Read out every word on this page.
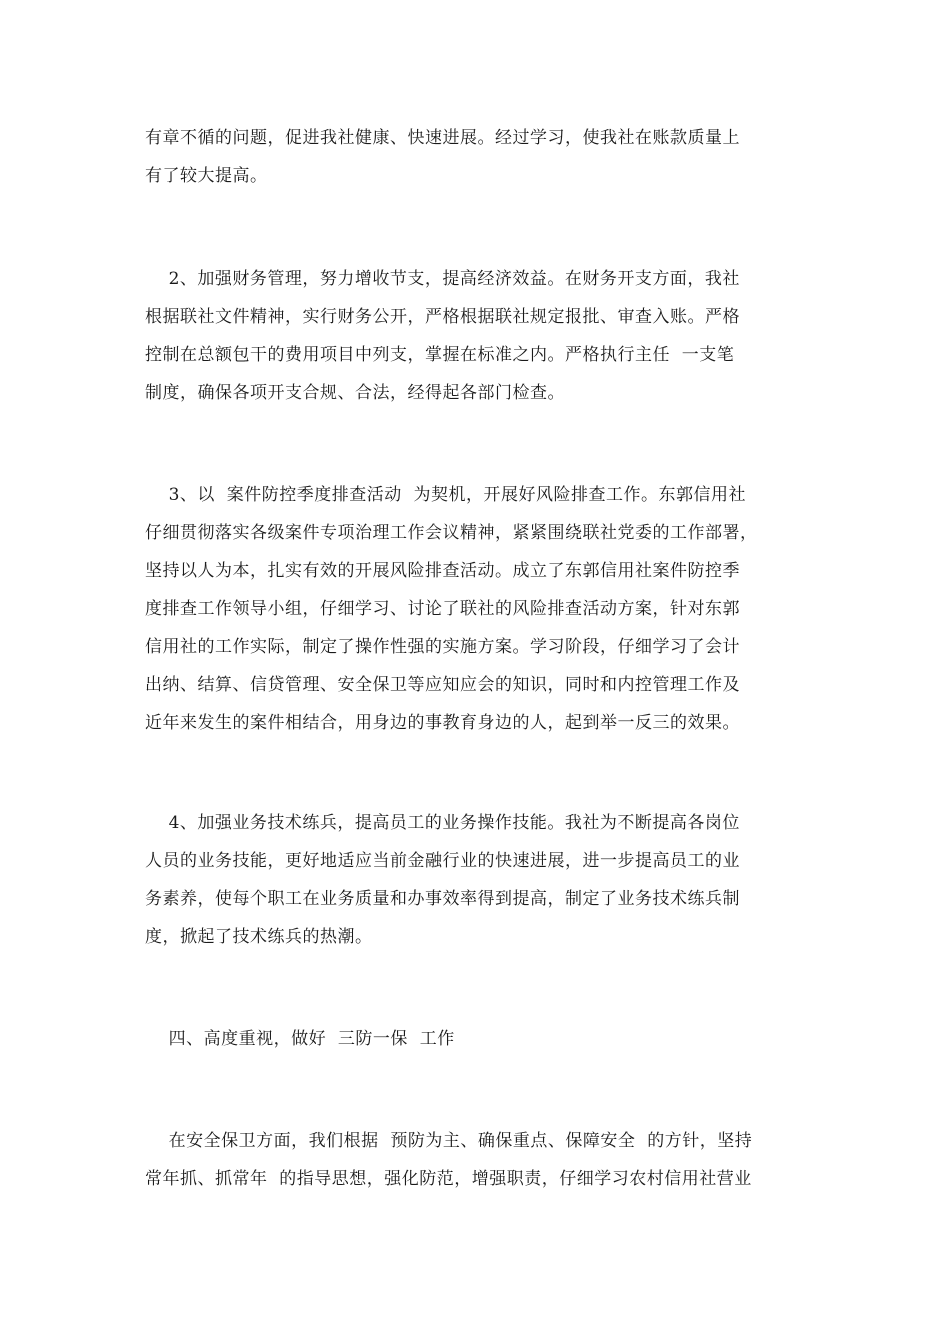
有章不循的问题，促进我社健康、快速进展。经过学习，使我社在账款质量上
有了较大提高。
2、加强财务管理，努力增收节支，提高经济效益。在财务开支方面，我社
根据联社文件精神，实行财务公开，严格根据联社规定报批、审查入账。严格
控制在总额包干的费用项目中列支，掌握在标准之内。严格执行主任  一支笔
制度，确保各项开支合规、合法，经得起各部门检查。
3、以  案件防控季度排查活动  为契机，开展好风险排查工作。东郭信用社
仔细贯彻落实各级案件专项治理工作会议精神，紧紧围绕联社党委的工作部署，
坚持以人为本，扎实有效的开展风险排查活动。成立了东郭信用社案件防控季
度排查工作领导小组，仔细学习、讨论了联社的风险排查活动方案，针对东郭
信用社的工作实际，制定了操作性强的实施方案。学习阶段，仔细学习了会计
出纳、结算、信贷管理、安全保卫等应知应会的知识，同时和内控管理工作及
近年来发生的案件相结合，用身边的事教育身边的人，起到举一反三的效果。
4、加强业务技术练兵，提高员工的业务操作技能。我社为不断提高各岗位
人员的业务技能，更好地适应当前金融行业的快速进展，进一步提高员工的业
务素养，使每个职工在业务质量和办事效率得到提高，制定了业务技术练兵制
度，掀起了技术练兵的热潮。
四、高度重视，做好  三防一保  工作
在安全保卫方面，我们根据  预防为主、确保重点、保障安全  的方针，坚持
常年抓、抓常年  的指导思想，强化防范，增强职责，仔细学习农村信用社营业
